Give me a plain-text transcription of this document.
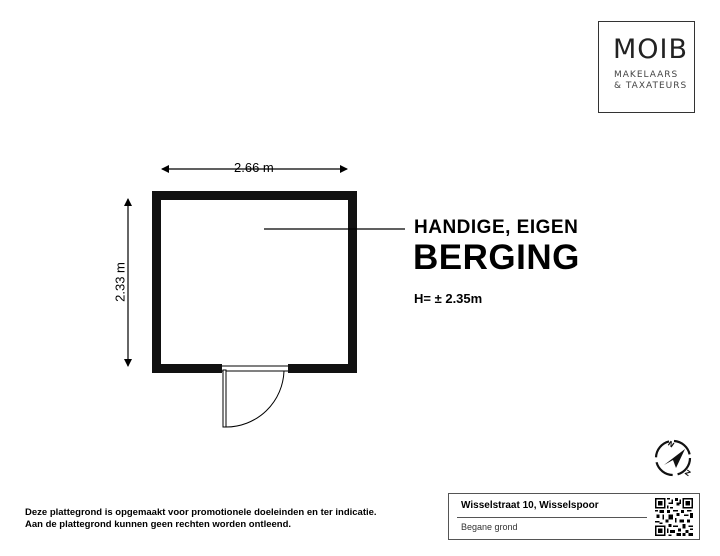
MOIB
MAKELAARS
& TAXATEURS
2.66 m
2.33 m
HANDIGE, EIGEN
BERGING
H= ± 2.35m
Deze plattegrond is opgemaakt voor promotionele doeleinden en ter indicatie.
Aan de plattegrond kunnen geen rechten worden ontleend.
N
Z
Wisselstraat 10, Wisselspoor
Begane grond
